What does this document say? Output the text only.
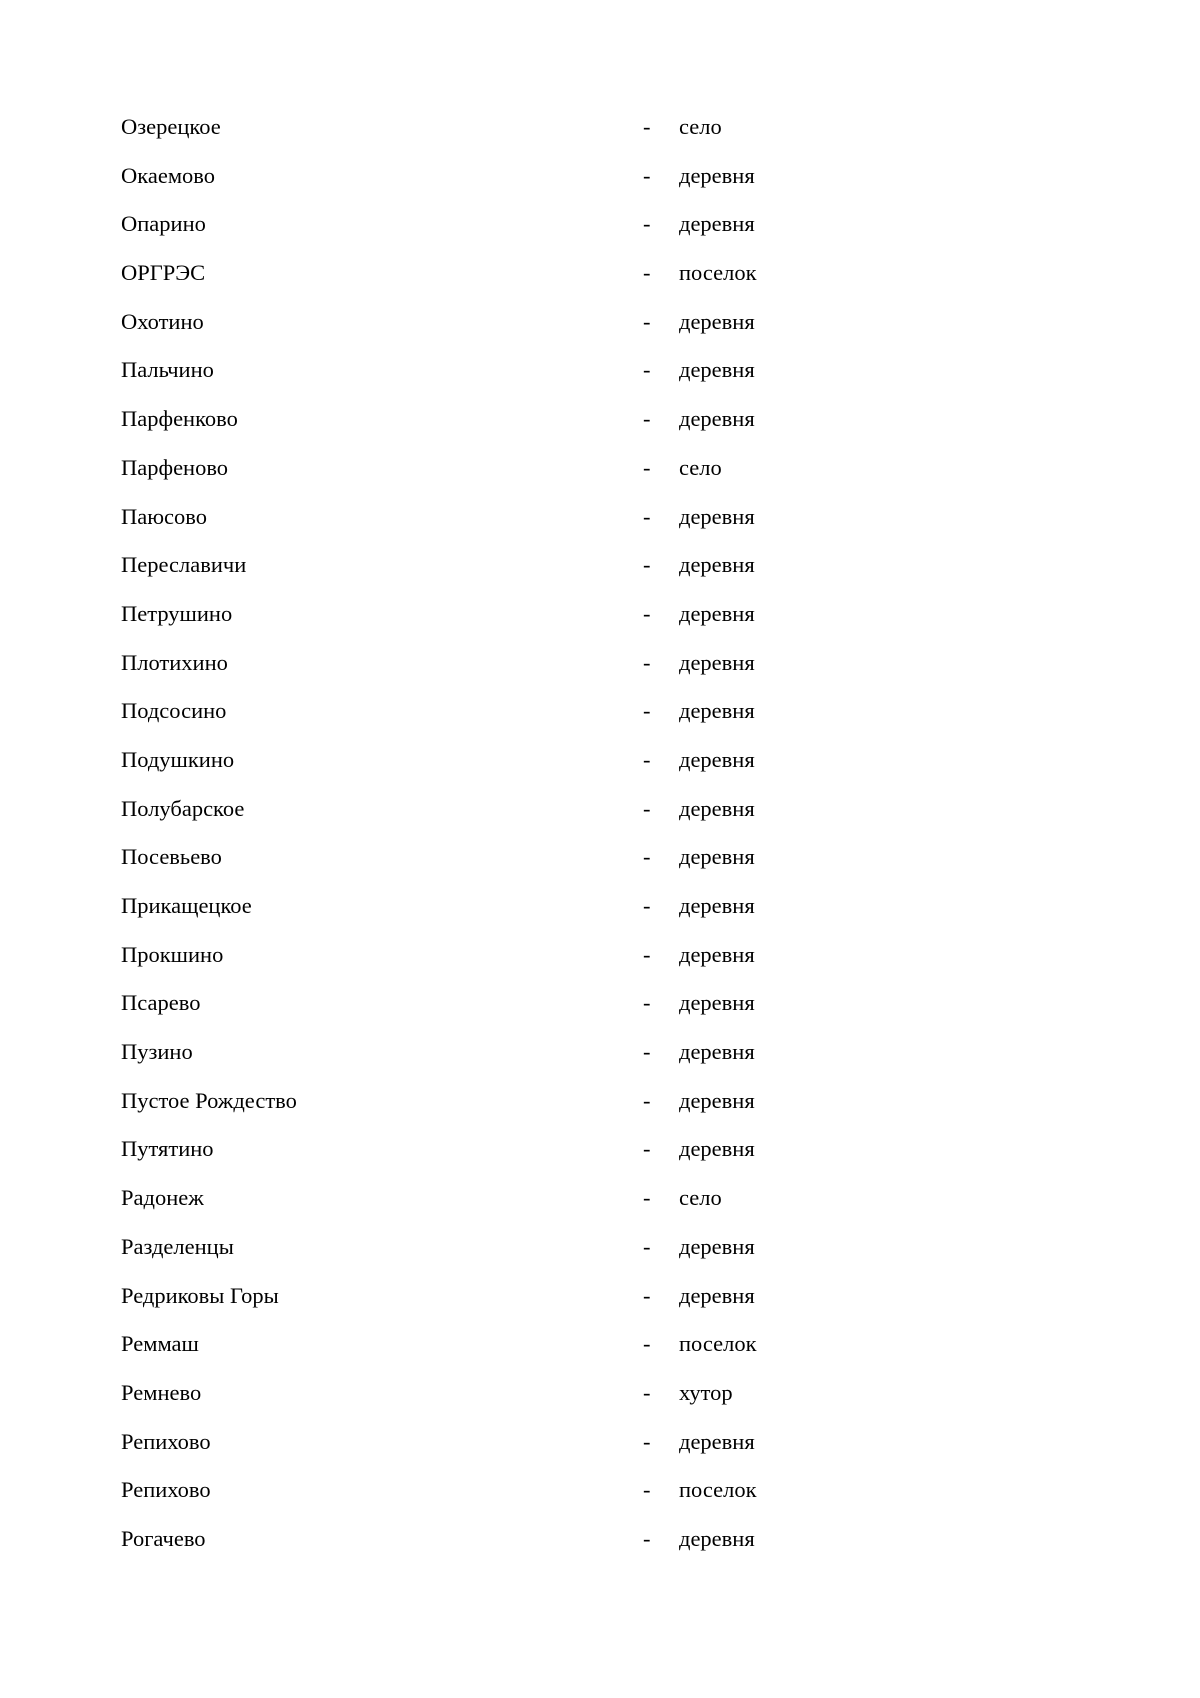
Озерецкое	- село
Окаемово	- деревня
Опарино	- деревня
ОРГРЭС	- поселок
Охотино	- деревня
Пальчино	- деревня
Парфенково	- деревня
Парфеново	- село
Паюсово	- деревня
Переславичи	- деревня
Петрушино	- деревня
Плотихино	- деревня
Подсосино	- деревня
Подушкино	- деревня
Полубарское	- деревня
Посевьево	- деревня
Прикащецкое	- деревня
Прокшино	- деревня
Псарево	- деревня
Пузино	- деревня
Пустое Рождество	- деревня
Путятино	- деревня
Радонеж	- село
Разделенцы	- деревня
Редриковы Горы	- деревня
Реммаш	- поселок
Ремнево	- хутор
Репихово	- деревня
Репихово	- поселок
Рогачево	- деревня
